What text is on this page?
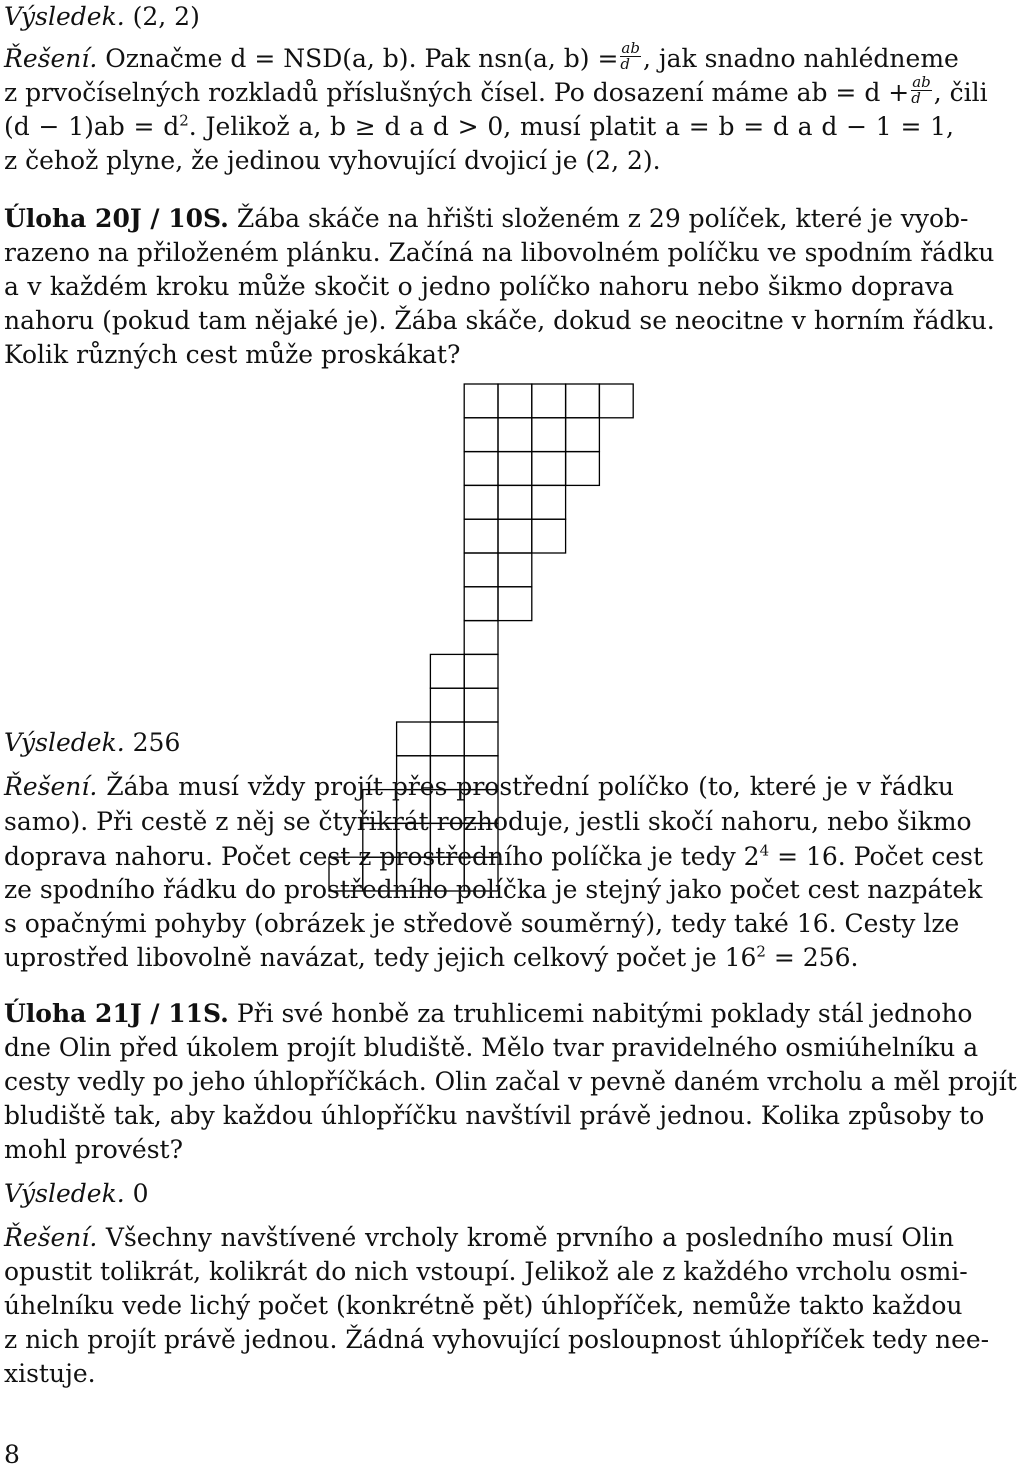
Výsledek. (2, 2)
Řešení. Označme d = NSD(a, b). Pak nsn(a, $b) = \frac{ab}{d}$ , jak snadno nahlédneme
z prvočíselných rozkladů příslušných čísel. Po dosazení máme ab = $d + \frac{ab}{d}$ , čili
$(d - 1)ab = d^2$. Jelikož a, b ≥ d a d > 0, musí platit a = b = d a d − 1 = 1,
z čehož plyne, že jedinou vyhovující dvojicí je (2, 2).
Úloha 20J / 10S. Žába skáče na hřišti složeném z 29 políček, které je vyob-
razeno na přiloženém plánku. Začíná na libovolném políčku ve spodním řádku
a v každém kroku může skočit o jedno políčko nahoru nebo šikmo doprava
nahoru (pokud tam nějaké je). Žába skáče, dokud se neocitne v horním řádku.
Kolik různých cest může proskákat?
Výsledek. 256
Řešení. Žába musí vždy projít přes prostřední políčko (to, které je v řádku
samo). Při cestě z něj se čtyřikrát rozhoduje, jestli skočí nahoru, nebo šikmo
doprava nahoru. Počet cest z prostředního políčka je tedy $2^4 = 16$. Počet cest
ze spodního řádku do prostředního políčka je stejný jako počet cest nazpátek
s opačnými pohyby (obrázek je středově souměrný), tedy také 16. Cesty lze
uprostřed libovolně navázat, tedy jejich celkový počet je $16^2 = 256$.
Úloha 21J / 11S. Při své honbě za truhlicemi nabitými poklady stál jednoho
dne Olin před úkolem projít bludiště. Mělo tvar pravidelného osmiúhelníku a
cesty vedly po jeho úhlopříčkách. Olin začal v pevně daném vrcholu a měl projít
bludiště tak, aby každou úhlopříčku navštívil právě jednou. Kolika způsoby to
mohl provést?
Výsledek. 0
Řešení. Všechny navštívené vrcholy kromě prvního a posledního musí Olin
opustit tolikrát, kolikrát do nich vstoupí. Jelikož ale z každého vrcholu osmi-
úhelníku vede lichý počet (konkrétně pět) úhlopříček, nemůže takto každou
z nich projít právě jednou. Žádná vyhovující posloupnost úhlopříček tedy nee-
xistuje.
8
